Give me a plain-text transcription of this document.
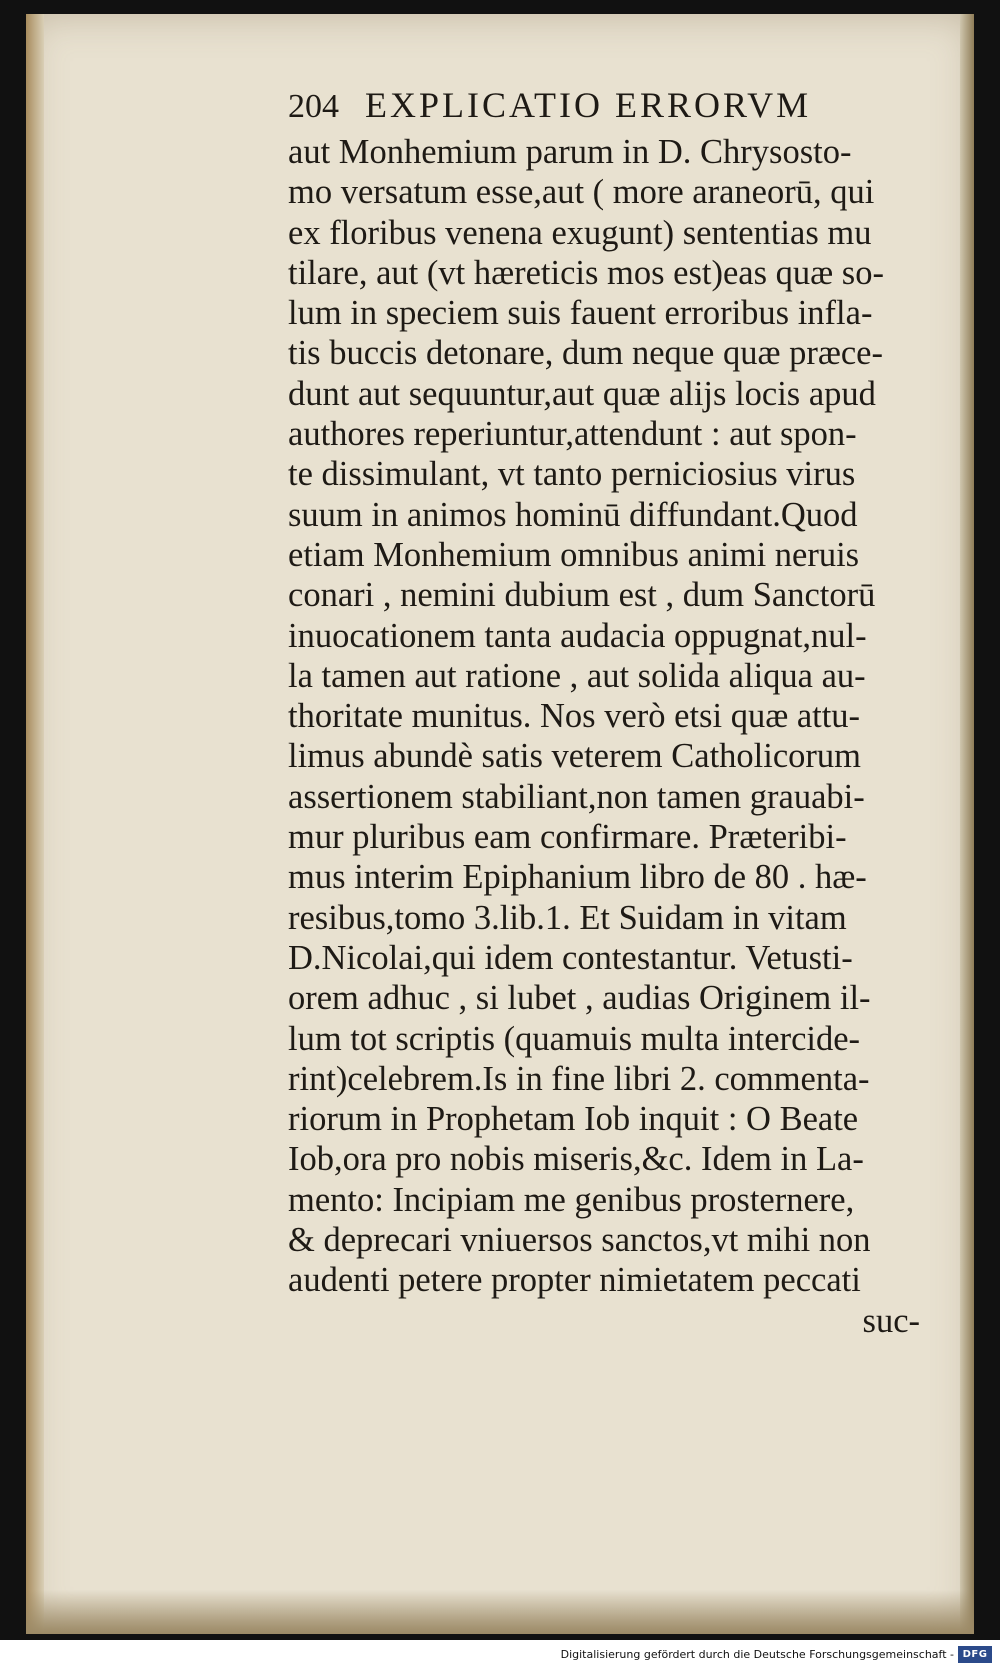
204 EXPLICATIO ERRORVM
aut Monhemium parum in D. Chrysosto-
mo versatum esse,aut ( more araneorū, qui
ex floribus venena exugunt) sententias mu
tilare, aut (vt hæreticis mos est)eas quæ so-
lum in speciem suis fauent erroribus infla-
tis buccis detonare, dum neque quæ præce-
dunt aut sequuntur,aut quæ alijs locis apud
authores reperiuntur,attendunt : aut spon-
te dissimulant, vt tanto perniciosius virus
suum in animos hominū diffundant.Quod
etiam Monhemium omnibus animi neruis
conari , nemini dubium est , dum Sanctorū
inuocationem tanta audacia oppugnat,nul-
la tamen aut ratione , aut solida aliqua au-
thoritate munitus. Nos verò etsi quæ attu-
limus abundè satis veterem Catholicorum
assertionem stabiliant,non tamen grauabi-
mur pluribus eam confirmare. Præteribi-
mus interim Epiphanium libro de 80 . hæ-
resibus,tomo 3.lib.1. Et Suidam in vitam
D.Nicolai,qui idem contestantur. Vetusti-
orem adhuc , si lubet , audias Originem il-
lum tot scriptis (quamuis multa intercide-
rint)celebrem.Is in fine libri 2. commenta-
riorum in Prophetam Iob inquit : O Beate
Iob,ora pro nobis miseris,&c. Idem in La-
mento: Incipiam me genibus prosternere,
& deprecari vniuersos sanctos,vt mihi non
audenti petere propter nimietatem peccati
suc-
Digitalisierung gefördert durch die Deutsche Forschungsgemeinschaft - DFG
